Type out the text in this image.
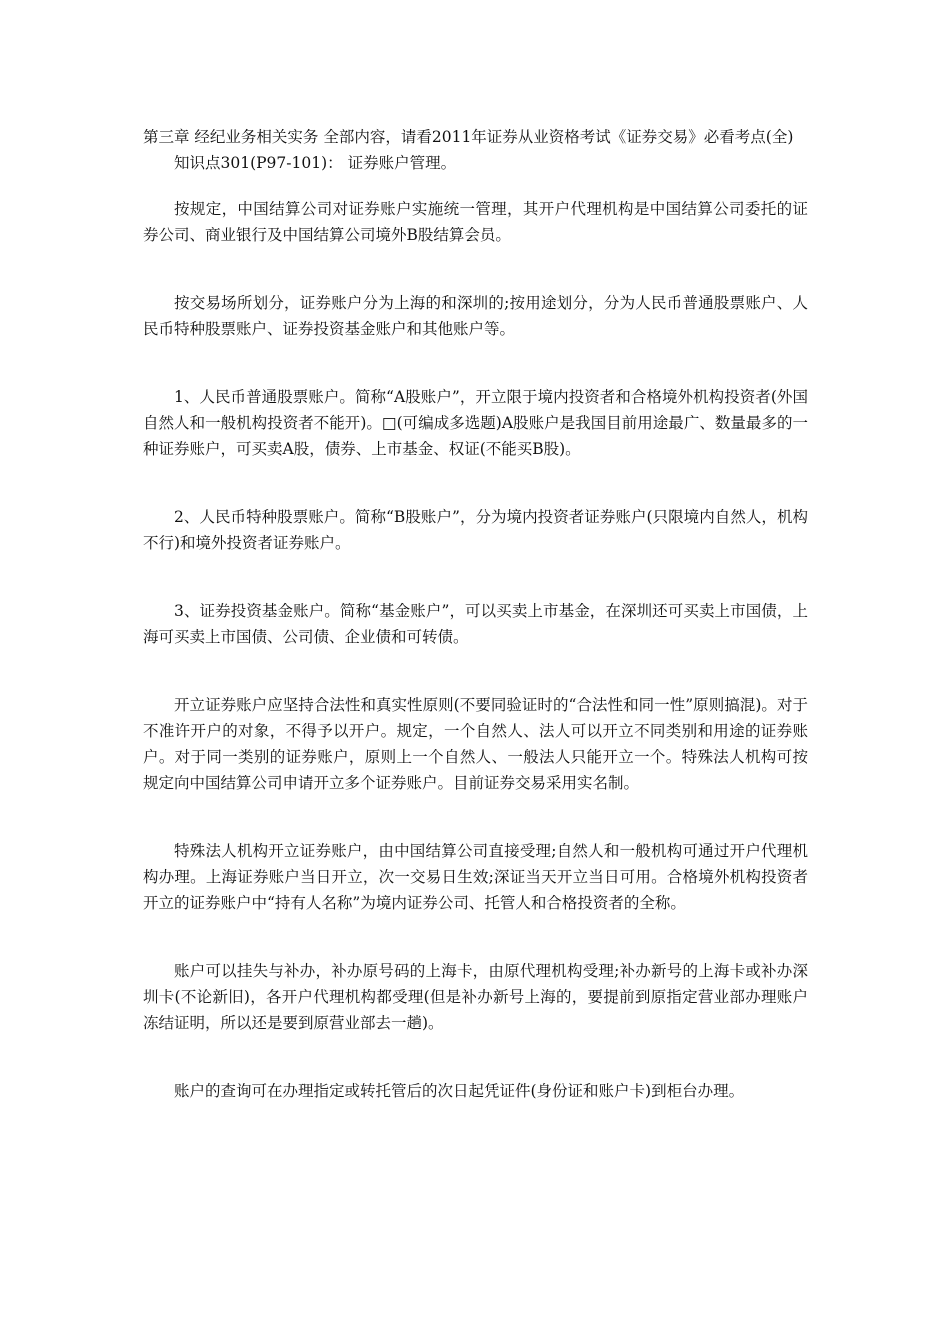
第三章 经纪业务相关实务 全部内容，请看2011年证券从业资格考试《证券交易》必看考点(全)

知识点301(P97-101)： 证券账户管理。

按规定，中国结算公司对证券账户实施统一管理，其开户代理机构是中国结算公司委托的证券公司、商业银行及中国结算公司境外B股结算会员。

按交易场所划分，证券账户分为上海的和深圳的;按用途划分，分为人民币普通股票账户、人民币特种股票账户、证券投资基金账户和其他账户等。

1、人民币普通股票账户。简称“A股账户”，开立限于境内投资者和合格境外机构投资者(外国自然人和一般机构投资者不能开)。□(可编成多选题)A股账户是我国目前用途最广、数量最多的一种证券账户，可买卖A股，债券、上市基金、权证(不能买B股)。

2、人民币特种股票账户。简称“B股账户”，分为境内投资者证券账户(只限境内自然人，机构不行)和境外投资者证券账户。

3、证券投资基金账户。简称“基金账户”，可以买卖上市基金，在深圳还可买卖上市国债，上海可买卖上市国债、公司债、企业债和可转债。

开立证券账户应坚持合法性和真实性原则(不要同验证时的“合法性和同一性”原则搞混)。对于不准许开户的对象，不得予以开户。规定，一个自然人、法人可以开立不同类别和用途的证券账户。对于同一类别的证券账户，原则上一个自然人、一般法人只能开立一个。特殊法人机构可按规定向中国结算公司申请开立多个证券账户。目前证券交易采用实名制。

特殊法人机构开立证券账户，由中国结算公司直接受理;自然人和一般机构可通过开户代理机构办理。上海证券账户当日开立，次一交易日生效;深证当天开立当日可用。合格境外机构投资者开立的证券账户中“持有人名称”为境内证券公司、托管人和合格投资者的全称。

账户可以挂失与补办，补办原号码的上海卡，由原代理机构受理;补办新号的上海卡或补办深圳卡(不论新旧)，各开户代理机构都受理(但是补办新号上海的，要提前到原指定营业部办理账户冻结证明，所以还是要到原营业部去一趟)。

账户的查询可在办理指定或转托管后的次日起凭证件(身份证和账户卡)到柜台办理。
